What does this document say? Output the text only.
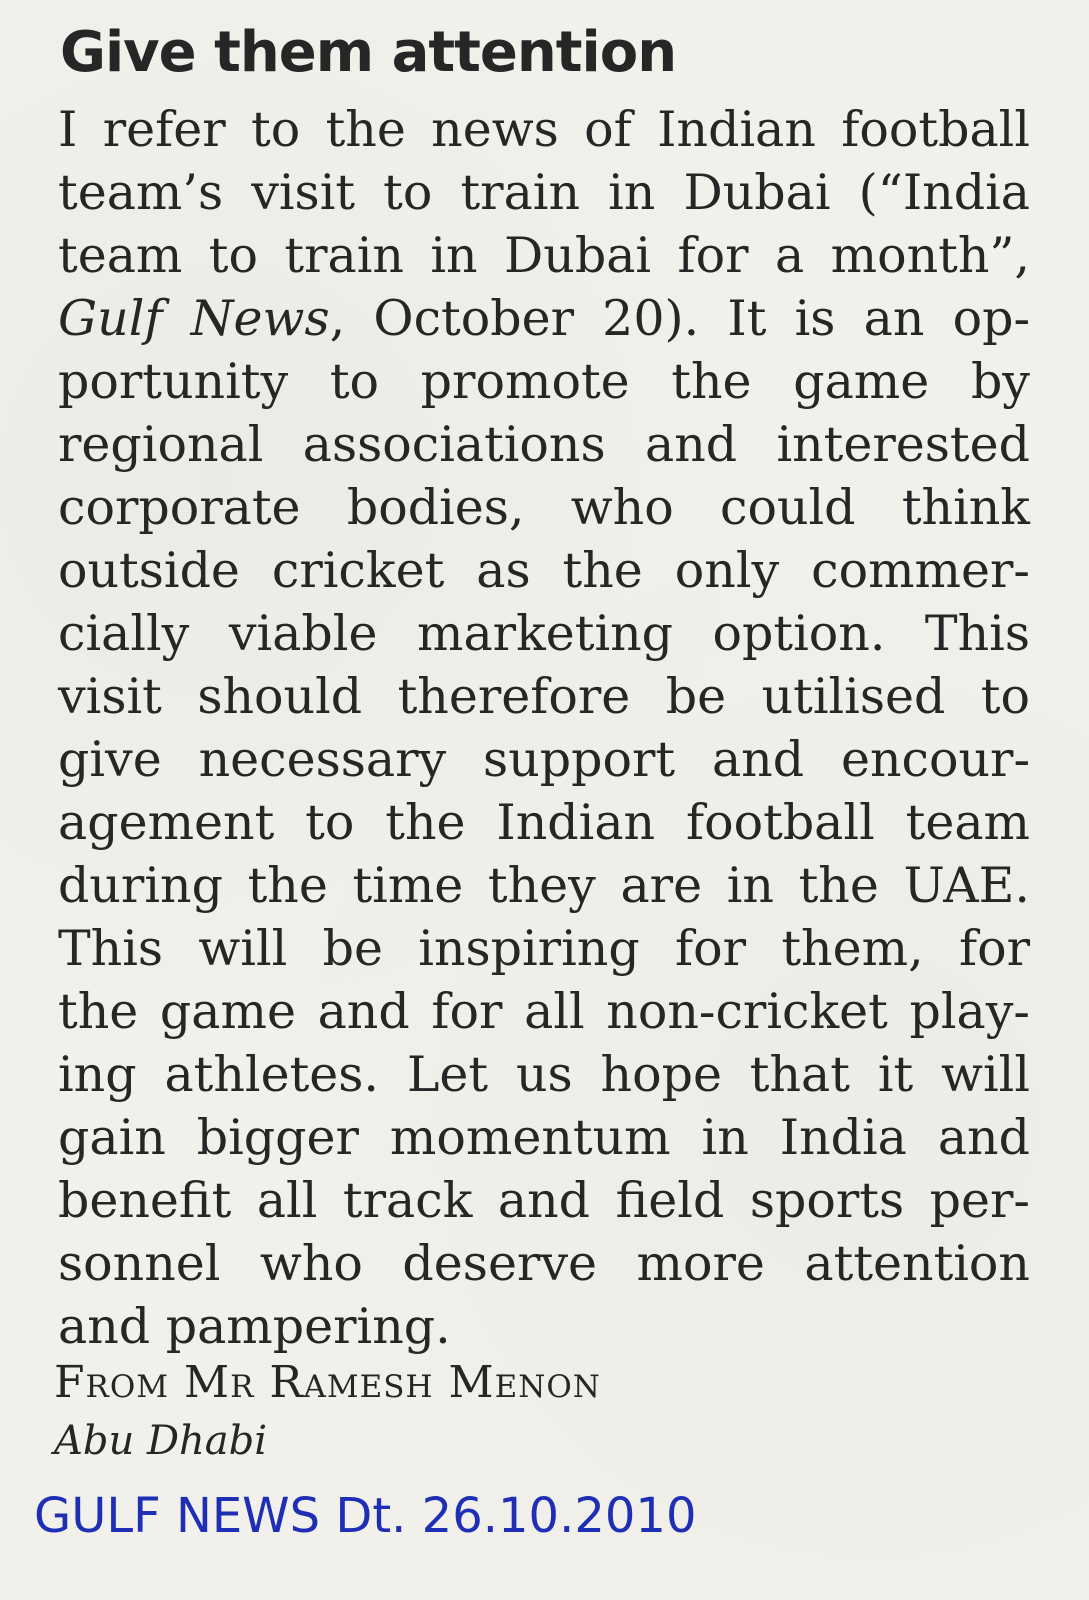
Give them attention
I refer to the news of Indian football
team’s visit to train in Dubai (“India
team to train in Dubai for a month”,
Gulf News, October 20). It is an op-
portunity to promote the game by
regional associations and interested
corporate bodies, who could think
outside cricket as the only commer-
cially viable marketing option. This
visit should therefore be utilised to
give necessary support and encour-
agement to the Indian football team
during the time they are in the UAE.
This will be inspiring for them, for
the game and for all non-cricket play-
ing athletes. Let us hope that it will
gain bigger momentum in India and
benefit all track and field sports per-
sonnel who deserve more attention
and pampering.

From Mr Ramesh Menon

Abu Dhabi

GULF NEWS Dt. 26.10.2010
